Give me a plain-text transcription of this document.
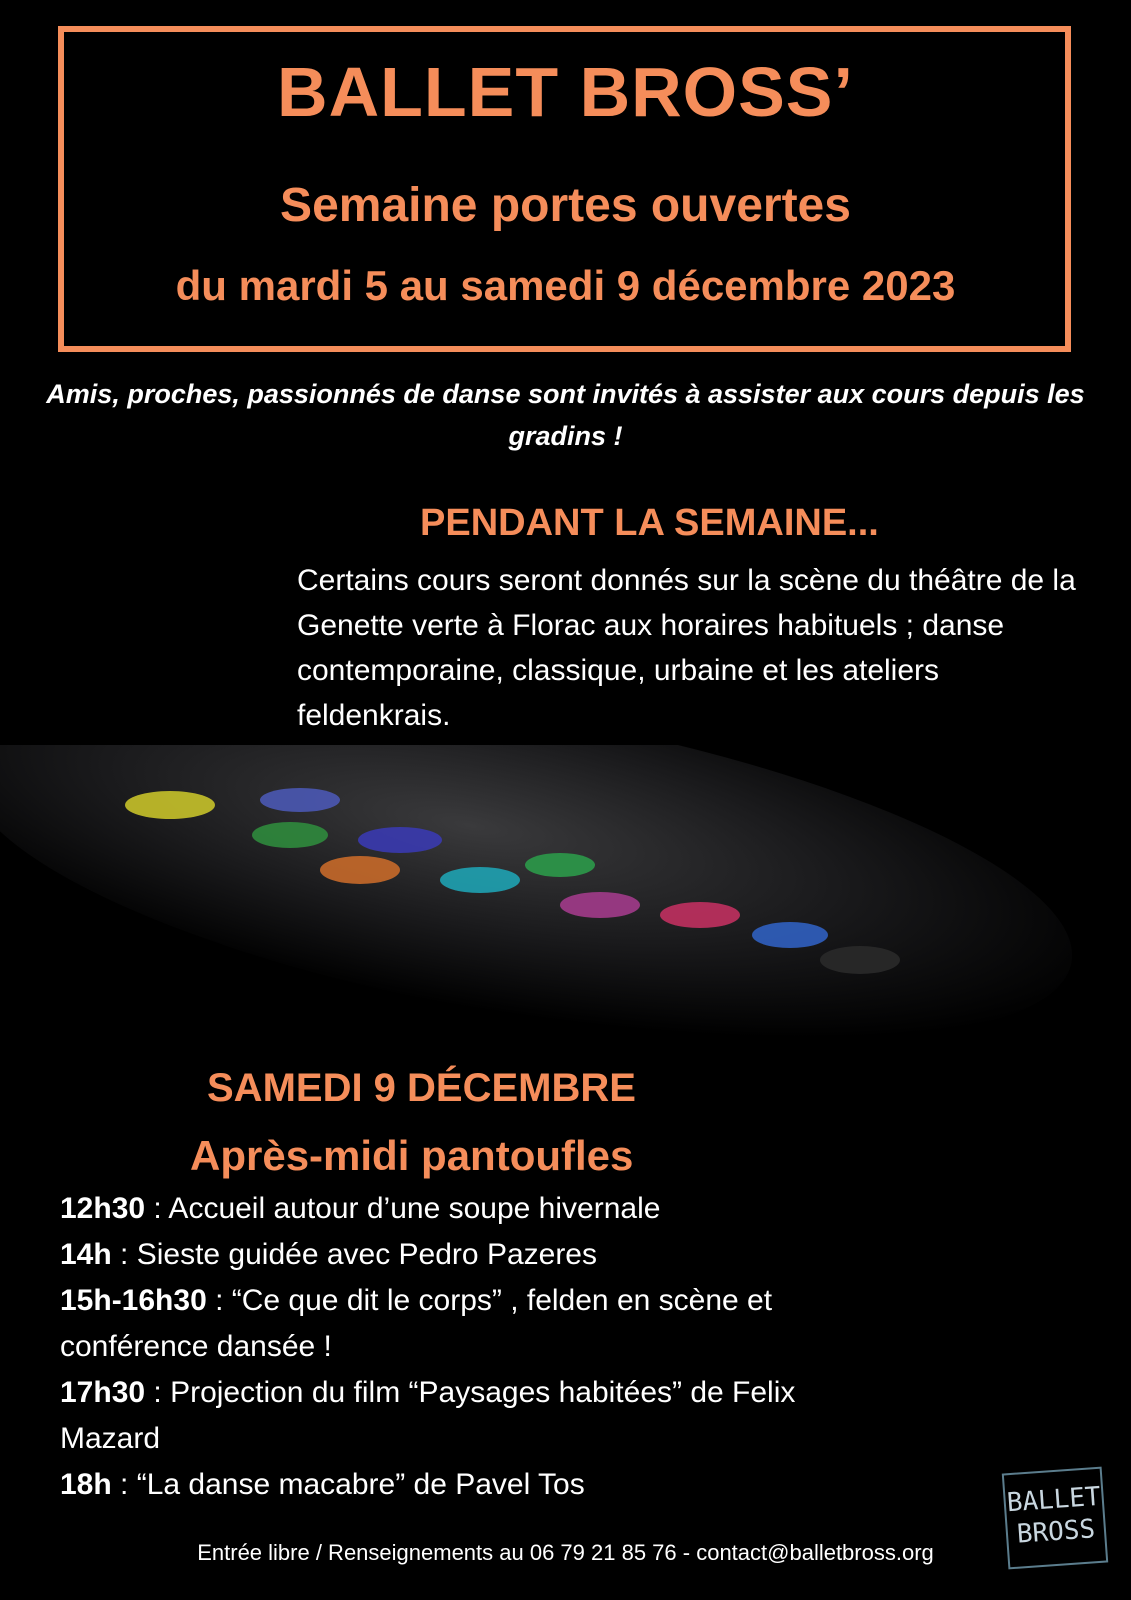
BALLET BROSS’
Semaine portes ouvertes
du mardi 5 au samedi 9 décembre 2023
Amis, proches, passionnés de danse sont invités à assister aux cours depuis les gradins !
PENDANT LA SEMAINE...
Certains cours seront donnés sur la scène du théâtre de la Genette verte à Florac aux horaires habituels ; danse contemporaine, classique, urbaine et les ateliers feldenkrais.
SAMEDI 9 DÉCEMBRE
Après-midi pantoufles

12h30 : Accueil autour d’une soupe hivernale

14h : Sieste guidée avec Pedro Pazeres

15h-16h30 : “Ce que dit le corps” , felden en scène et conférence dansée !

17h30 : Projection du film “Paysages habitées” de Felix Mazard

18h : “La danse macabre” de Pavel Tos

Entrée libre / Renseignements au 06 79 21 85 76 - contact@balletbross.org
BALLET
BROSS
